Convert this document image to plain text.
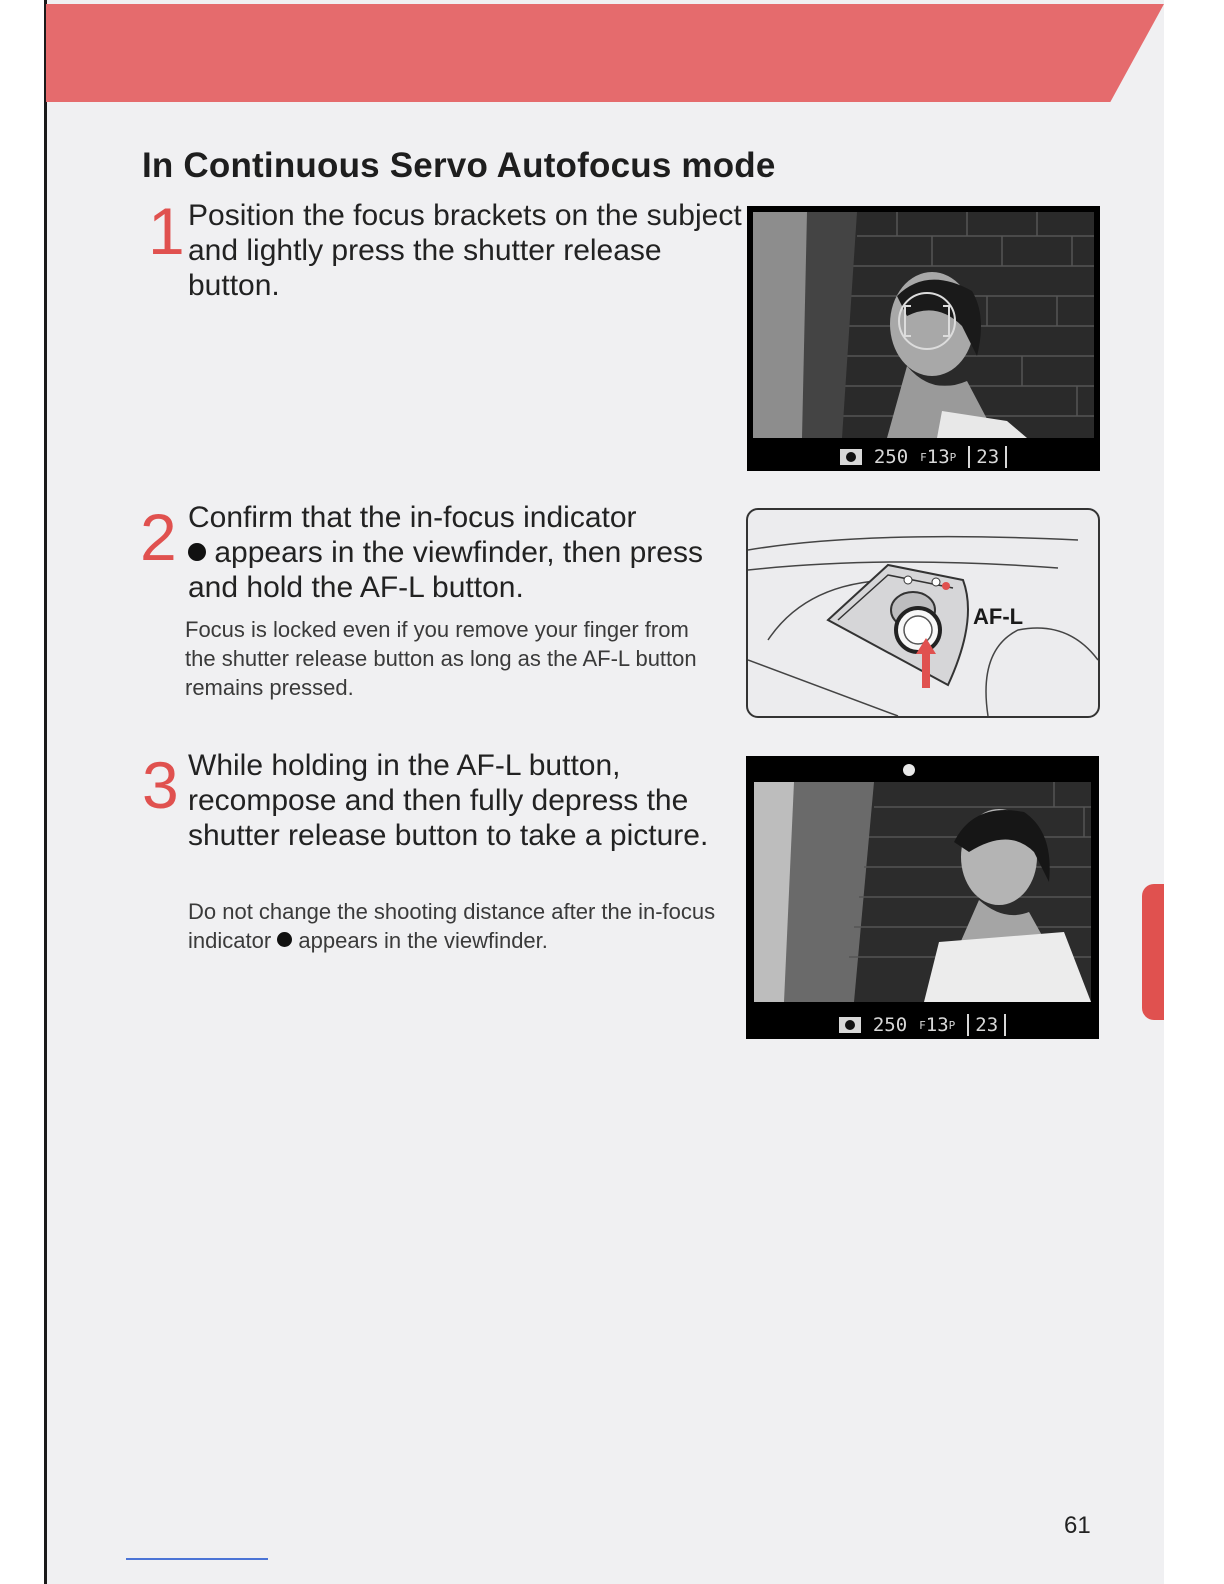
In Continuous Servo Autofocus mode
1 Position the focus brackets on the subject and lightly press the shutter release button.

2 Confirm that the in-focus indicator
appears in the viewfinder, then press and hold the AF-L button.

Focus is locked even if you remove your finger from the shutter release button as long as the AF-L button remains pressed.

3 While holding in the AF-L button, recompose and then fully depress the shutter release button to take a picture.

Do not change the shooting distance after the in-focus indicator appears in the viewfinder.

250 F13P	23
AF-L
250 F13P	23
61
